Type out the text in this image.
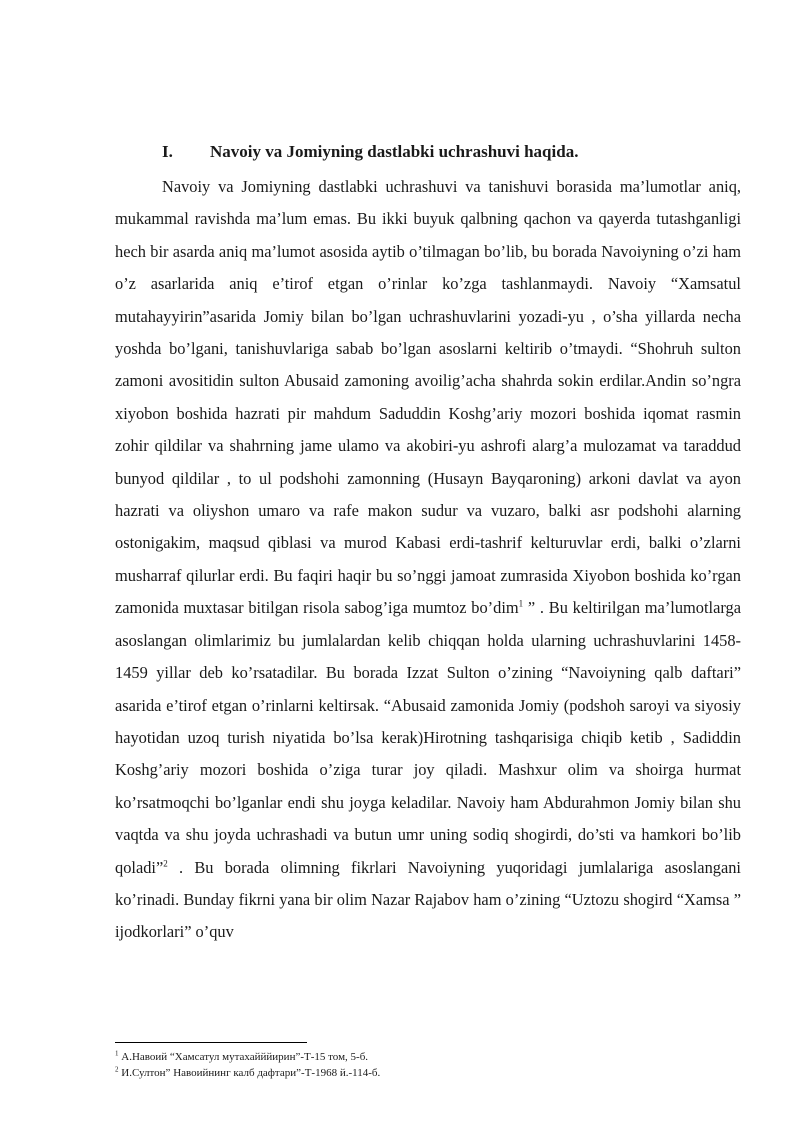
I.	Navoiy va Jomiyning dastlabki uchrashuvi haqida.

Navoiy va Jomiyning dastlabki uchrashuvi va tanishuvi borasida ma’lumotlar aniq, mukammal ravishda ma’lum emas. Bu ikki buyuk qalbning qachon va qayerda tutashganligi hech bir asarda aniq ma’lumot asosida aytib o’tilmagan bo’lib, bu borada Navoiyning o’zi ham o’z asarlarida aniq e’tirof etgan o’rinlar ko’zga tashlanmaydi. Navoiy “Xamsatul mutahayyirin”asarida Jomiy bilan bo’lgan uchrashuvlarini yozadi-yu , o’sha yillarda necha yoshda bo’lgani, tanishuvlariga sabab bo’lgan asoslarni keltirib o’tmaydi. “Shohruh sulton zamoni avositidin sulton Abusaid zamoning avoilig’acha shahrda sokin erdilar.Andin so’ngra xiyobon boshida hazrati pir mahdum Saduddin Koshg’ariy mozori boshida iqomat rasmin zohir qildilar va shahrning jame ulamo va akobiri-yu ashrofi alarg’a mulozamat va taraddud bunyod qildilar , to ul podshohi zamonning (Husayn Bayqaroning) arkoni davlat va ayon hazrati va oliyshon umaro va rafe makon sudur va vuzaro, balki asr podshohi alarning ostonigakim, maqsud qiblasi va murod Kabasi erdi-tashrif kelturuvlar erdi, balki o’zlarni musharraf qilurlar erdi. Bu faqiri haqir bu so’nggi jamoat zumrasida Xiyobon boshida ko’rgan zamonida muxtasar bitilgan risola sabog’iga mumtoz bo’dim$^1$ ” . Bu keltirilgan ma’lumotlarga asoslangan olimlarimiz bu jumlalardan kelib chiqqan holda ularning uchrashuvlarini 1458-1459 yillar deb ko’rsatadilar. Bu borada Izzat Sulton o’zining “Navoiyning qalb daftari” asarida e’tirof etgan o’rinlarni keltirsak. “Abusaid zamonida Jomiy (podshoh saroyi va siyosiy hayotidan uzoq turish niyatida bo’lsa kerak)Hirotning tashqarisiga chiqib ketib , Sadiddin Koshg’ariy mozori boshida o’ziga turar joy qiladi. Mashxur olim va shoirga hurmat ko’rsatmoqchi bo’lganlar endi shu joyga keladilar. Navoiy ham Abdurahmon Jomiy bilan shu vaqtda va shu joyda uchrashadi va butun umr uning sodiq shogirdi, do’sti va hamkori bo’lib qoladi”$^2$ . Bu borada olimning fikrlari Navoiyning yuqoridagi jumlalariga asoslangani ko’rinadi. Bunday fikrni yana bir olim Nazar Rajabov ham o’zining “Uztozu shogird “Xamsa ” ijodkorlari” o’quv

$^1$ А.Навоий “Хамсатул мутахайййирин”-Т-15 том, 5-б.
$^2$ И.Султон” Навоийнинг калб дафтари”-Т-1968 й.-114-б.
